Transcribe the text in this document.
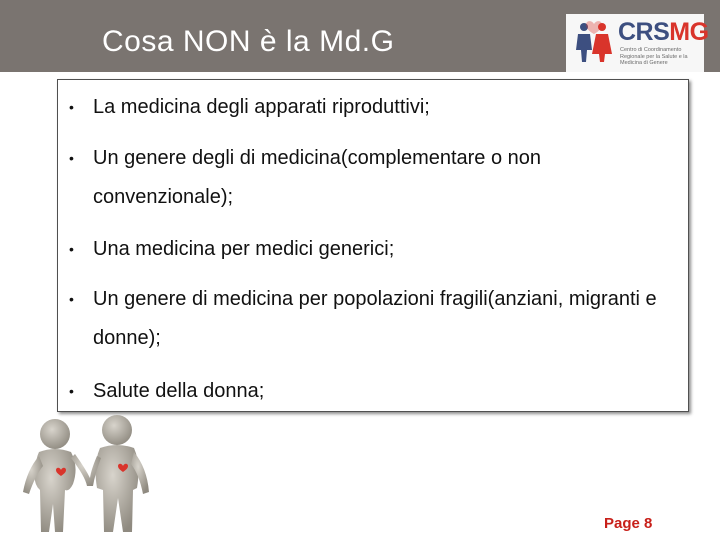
Cosa NON è la Md.G	CRSMG
Centro di Coordinamento Regionale per la Salute e la Medicina di Genere
• La medicina degli apparati riproduttivi;
• Un genere degli di medicina(complementare o non convenzionale);
• Una medicina per medici generici;
• Un genere di medicina per popolazioni fragili(anziani, migranti e donne);
• Salute della donna;
Page 8
